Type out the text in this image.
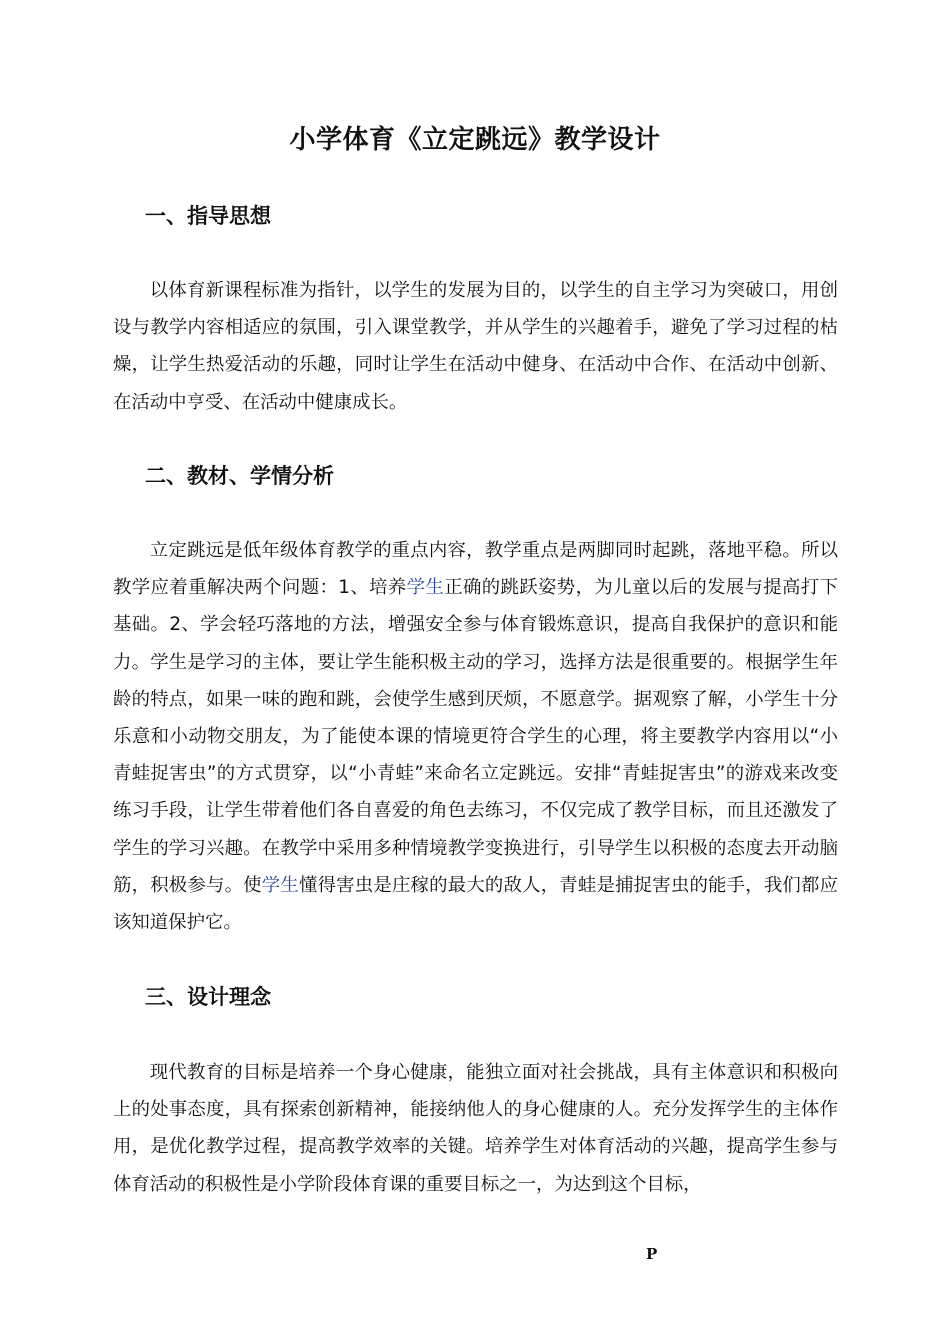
小学体育《立定跳远》教学设计
一、指导思想

以体育新课程标准为指针，以学生的发展为目的，以学生的自主学习为突破口，用创设与教学内容相适应的氛围，引入课堂教学，并从学生的兴趣着手，避免了学习过程的枯燥，让学生热爱活动的乐趣，同时让学生在活动中健身、在活动中合作、在活动中创新、在活动中亨受、在活动中健康成长。

二、教材、学情分析

立定跳远是低年级体育教学的重点内容，教学重点是两脚同时起跳，落地平稳。所以教学应着重解决两个问题：1、培养学生正确的跳跃姿势，为儿童以后的发展与提高打下基础。2、学会轻巧落地的方法，增强安全参与体育锻炼意识，提高自我保护的意识和能力。学生是学习的主体，要让学生能积极主动的学习，选择方法是很重要的。根据学生年龄的特点，如果一味的跑和跳，会使学生感到厌烦，不愿意学。据观察了解，小学生十分乐意和小动物交朋友，为了能使本课的情境更符合学生的心理，将主要教学内容用以“小青蛙捉害虫”的方式贯穿，以“小青蛙”来命名立定跳远。安排“青蛙捉害虫”的游戏来改变练习手段，让学生带着他们各自喜爱的角色去练习，不仅完成了教学目标，而且还激发了学生的学习兴趣。在教学中采用多种情境教学变换进行，引导学生以积极的态度去开动脑筋，积极参与。使学生懂得害虫是庄稼的最大的敌人，青蛙是捕捉害虫的能手，我们都应该知道保护它。

三、设计理念

现代教育的目标是培养一个身心健康，能独立面对社会挑战，具有主体意识和积极向上的处事态度，具有探索创新精神，能接纳他人的身心健康的人。充分发挥学生的主体作用，是优化教学过程，提高教学效率的关键。培养学生对体育活动的兴趣，提高学生参与体育活动的积极性是小学阶段体育课的重要目标之一，为达到这个目标，

P
